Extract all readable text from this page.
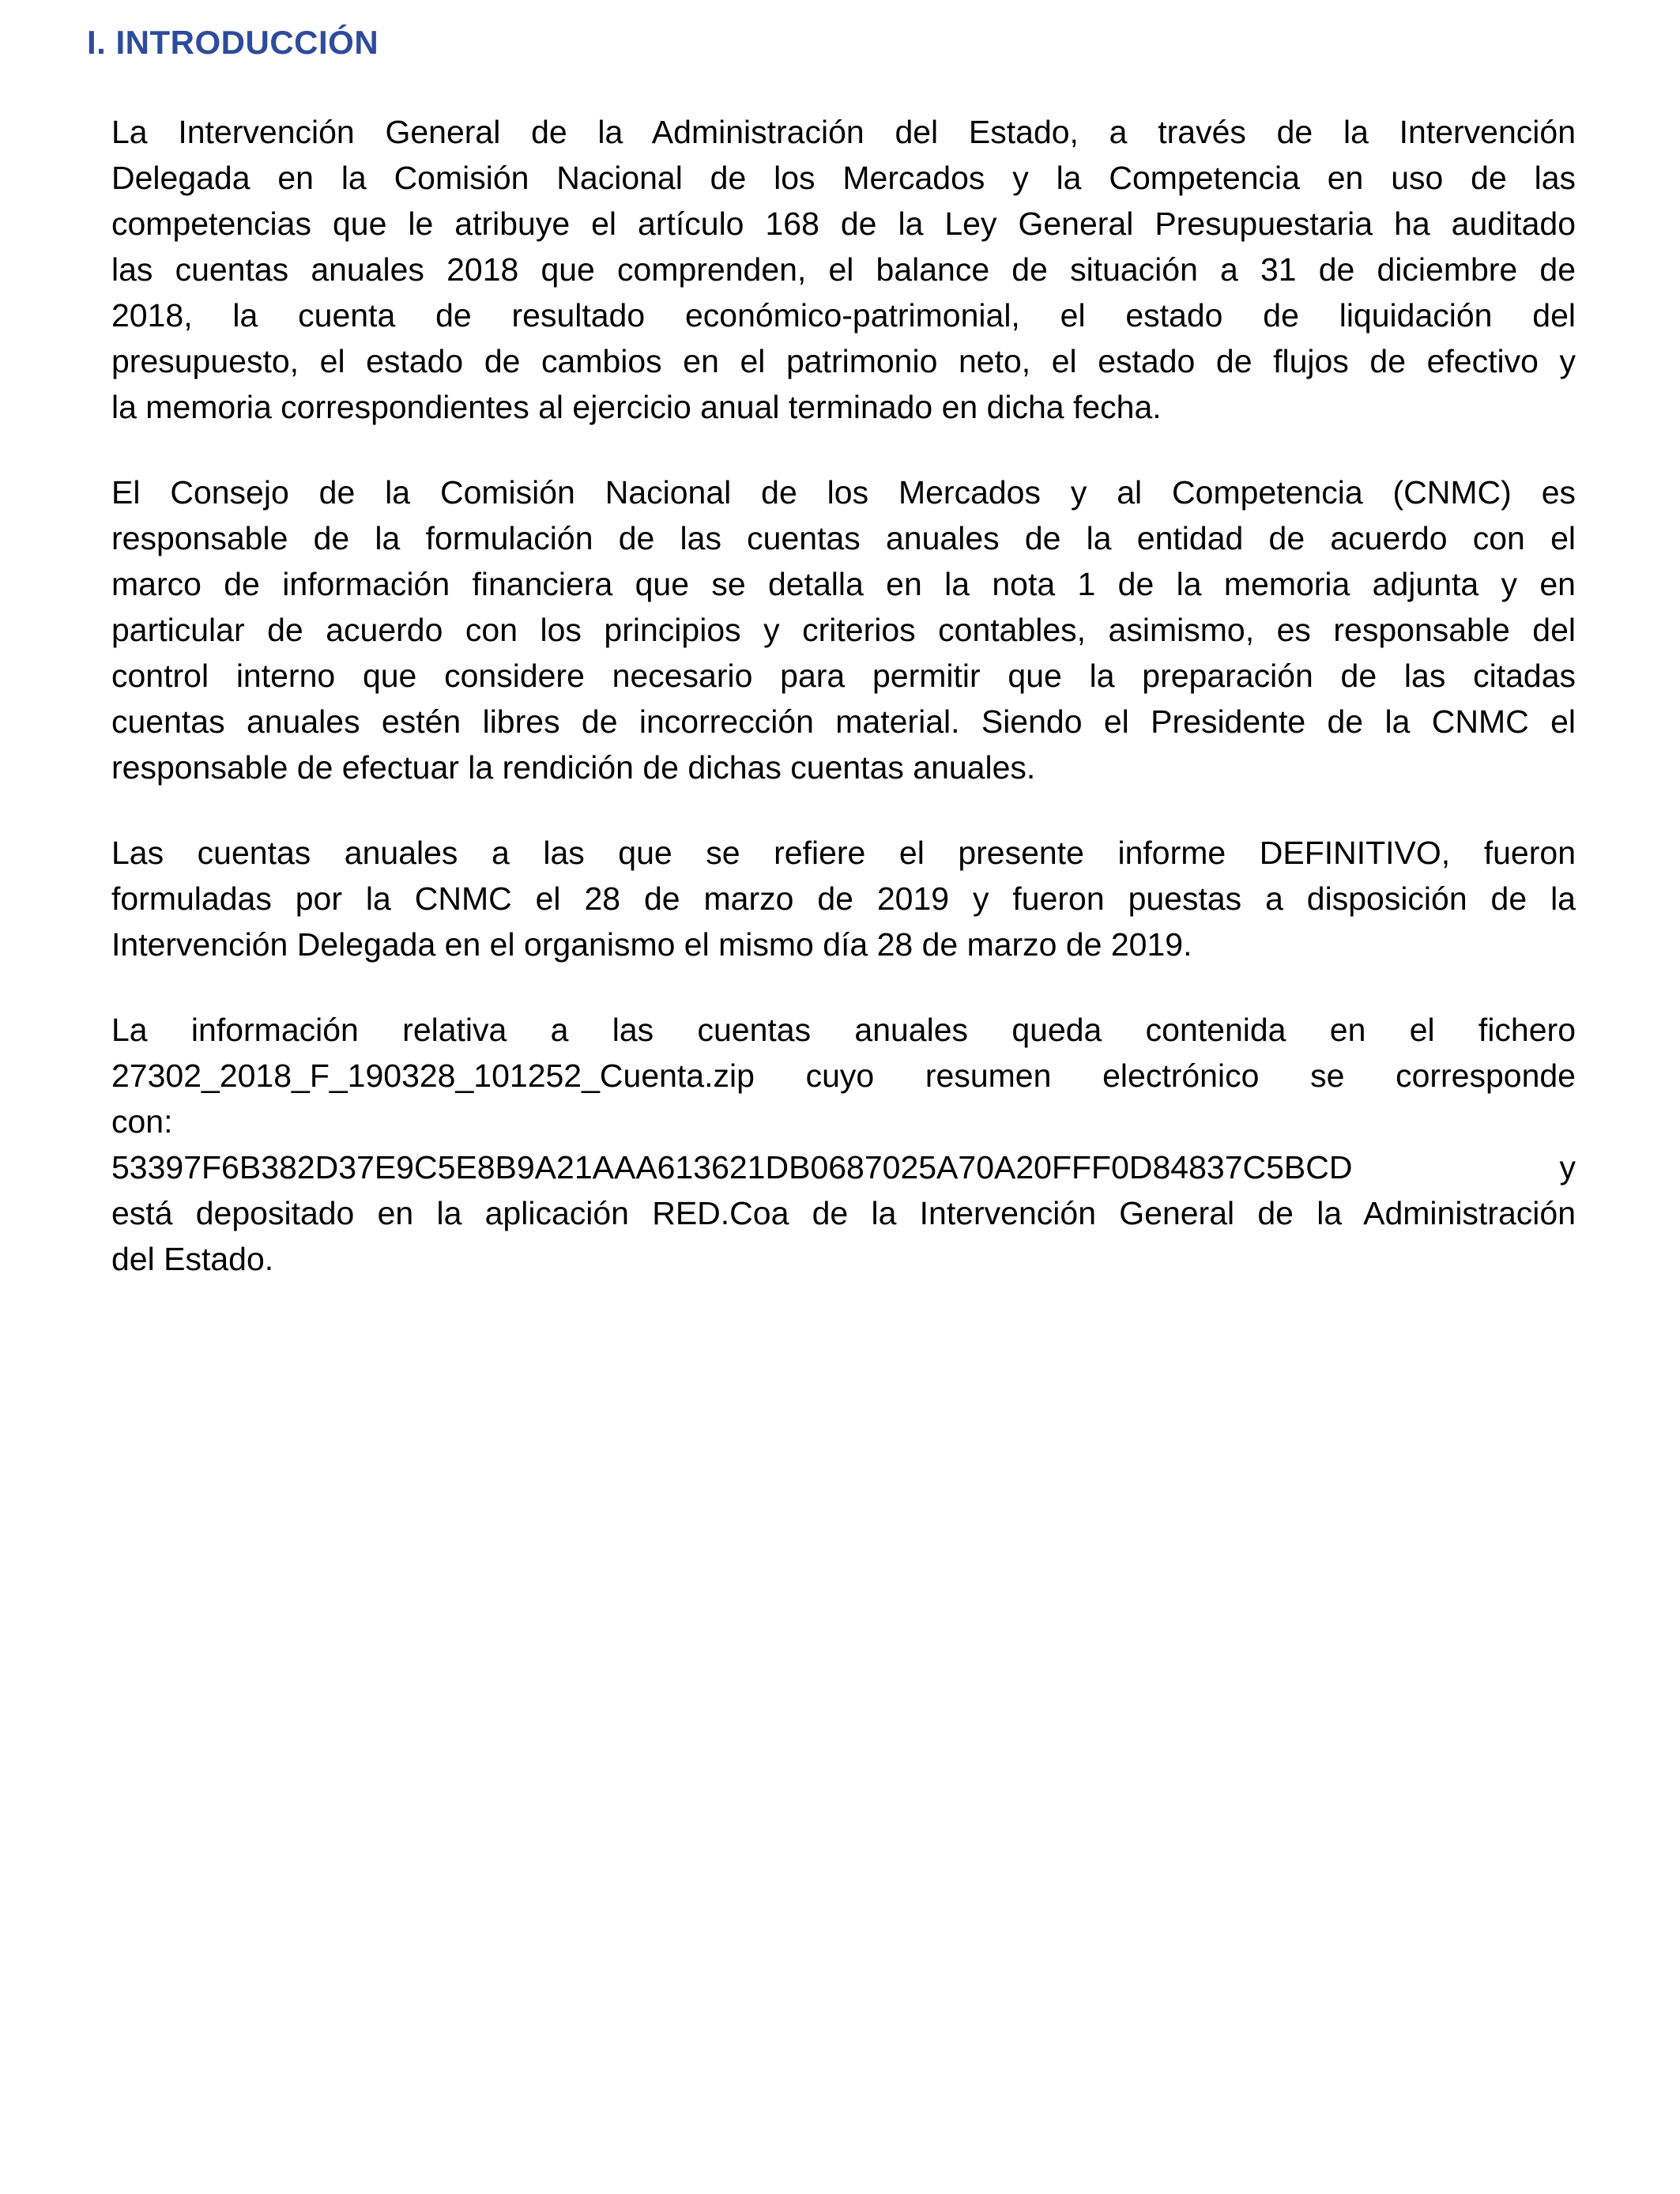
I. INTRODUCCIÓN

La Intervención General de la Administración del Estado, a través de la Intervención
Delegada en la Comisión Nacional de los Mercados y la Competencia en uso de las
competencias que le atribuye el artículo 168 de la Ley General Presupuestaria ha auditado
las cuentas anuales 2018 que comprenden, el balance de situación a 31 de diciembre de
2018, la cuenta de resultado económico-patrimonial, el estado de liquidación del
presupuesto, el estado de cambios en el patrimonio neto, el estado de flujos de efectivo y
la memoria correspondientes al ejercicio anual terminado en dicha fecha.

El Consejo de la Comisión Nacional de los Mercados y al Competencia (CNMC) es
responsable de la formulación de las cuentas anuales de la entidad de acuerdo con el
marco de información financiera que se detalla en la nota 1 de la memoria adjunta y en
particular de acuerdo con los principios y criterios contables, asimismo, es responsable del
control interno que considere necesario para permitir que la preparación de las citadas
cuentas anuales estén libres de incorrección material. Siendo el Presidente de la CNMC el
responsable de efectuar la rendición de dichas cuentas anuales.

Las cuentas anuales a las que se refiere el presente informe DEFINITIVO, fueron
formuladas por la CNMC el 28 de marzo de 2019 y fueron puestas a disposición de la
Intervención Delegada en el organismo el mismo día 28 de marzo de 2019.

La información relativa a las cuentas anuales queda contenida en el fichero
27302_2018_F_190328_101252_Cuenta.zip cuyo resumen electrónico se corresponde
con:
53397F6B382D37E9C5E8B9A21AAA613621DB0687025A70A20FFF0D84837C5BCD y
está depositado en la aplicación RED.Coa de la Intervención General de la Administración
del Estado.
